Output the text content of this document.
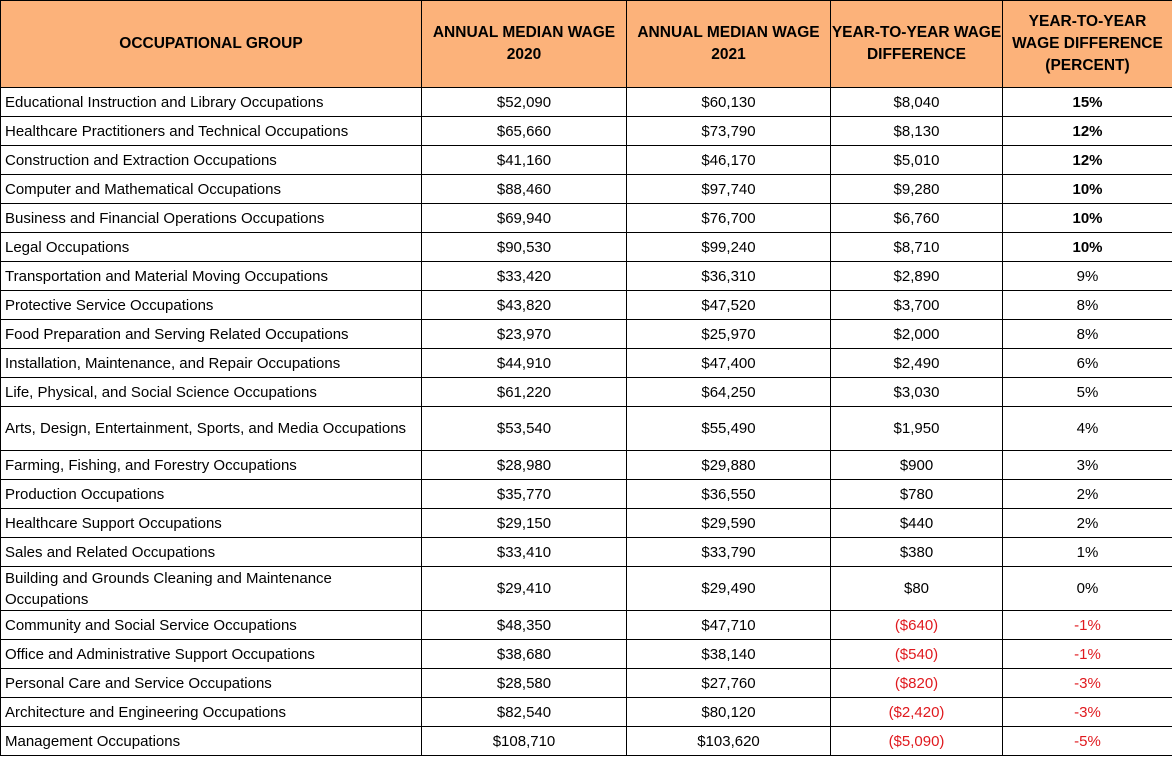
OCCUPATIONAL GROUP	ANNUAL MEDIAN WAGE 2020	ANNUAL MEDIAN WAGE 2021	YEAR-TO-YEAR WAGE DIFFERENCE	YEAR-TO-YEAR WAGE DIFFERENCE (PERCENT)
Educational Instruction and Library Occupations	$52,090	$60,130	$8,040	15%
Healthcare Practitioners and Technical Occupations	$65,660	$73,790	$8,130	12%
Construction and Extraction Occupations	$41,160	$46,170	$5,010	12%
Computer and Mathematical Occupations	$88,460	$97,740	$9,280	10%
Business and Financial Operations Occupations	$69,940	$76,700	$6,760	10%
Legal Occupations	$90,530	$99,240	$8,710	10%
Transportation and Material Moving Occupations	$33,420	$36,310	$2,890	9%
Protective Service Occupations	$43,820	$47,520	$3,700	8%
Food Preparation and Serving Related Occupations	$23,970	$25,970	$2,000	8%
Installation, Maintenance, and Repair Occupations	$44,910	$47,400	$2,490	6%
Life, Physical, and Social Science Occupations	$61,220	$64,250	$3,030	5%
Arts, Design, Entertainment, Sports, and Media Occupations	$53,540	$55,490	$1,950	4%
Farming, Fishing, and Forestry Occupations	$28,980	$29,880	$900	3%
Production Occupations	$35,770	$36,550	$780	2%
Healthcare Support Occupations	$29,150	$29,590	$440	2%
Sales and Related Occupations	$33,410	$33,790	$380	1%
Building and Grounds Cleaning and Maintenance Occupations	$29,410	$29,490	$80	0%
Community and Social Service Occupations	$48,350	$47,710	($640)	-1%
Office and Administrative Support Occupations	$38,680	$38,140	($540)	-1%
Personal Care and Service Occupations	$28,580	$27,760	($820)	-3%
Architecture and Engineering Occupations	$82,540	$80,120	($2,420)	-3%
Management Occupations	$108,710	$103,620	($5,090)	-5%
